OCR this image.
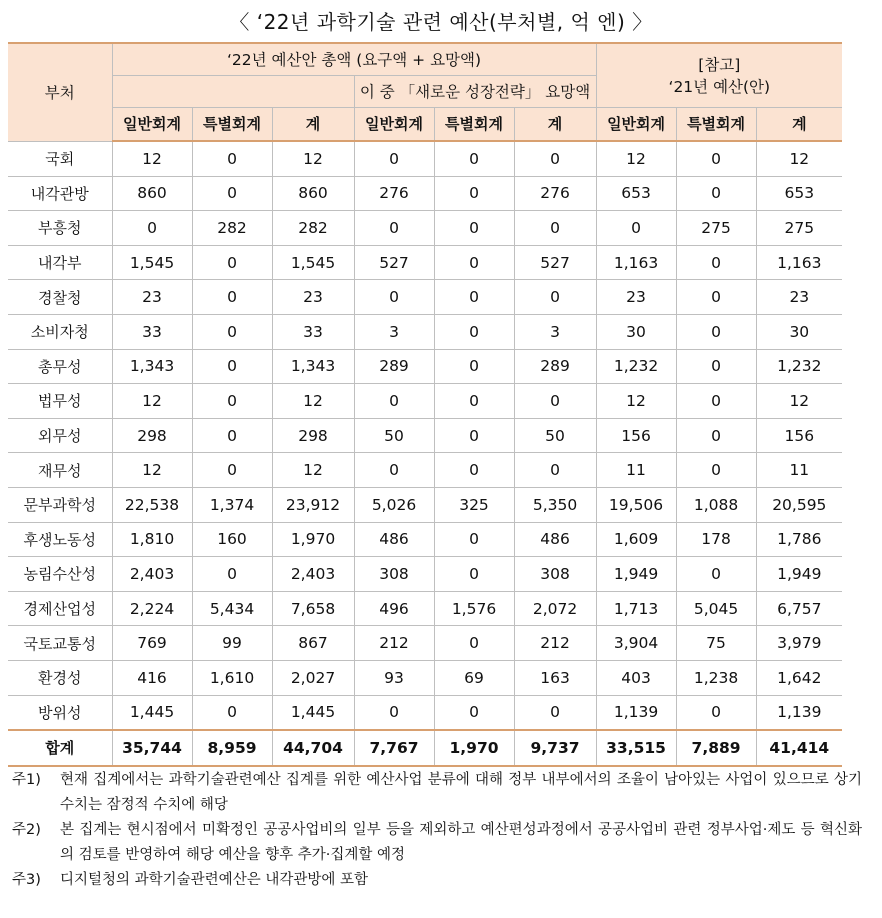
〈 ‘22년 과학기술 관련 예산(부처별, 억 엔) 〉
부처	‘22년 예산안 총액 (요구액 + 요망액)						[참고]
‘21년 예산(안)		

				이 중 「새로운 성장전략」 요망액					
	일반회계	특별회계	계	일반회계	특별회계	계	일반회계	특별회계	계
국회	12	0	12	0	0	0	12	0	12
내각관방	860	0	860	276	0	276	653	0	653
부흥청	0	282	282	0	0	0	0	275	275
내각부	1,545	0	1,545	527	0	527	1,163	0	1,163
경찰청	23	0	23	0	0	0	23	0	23
소비자청	33	0	33	3	0	3	30	0	30
총무성	1,343	0	1,343	289	0	289	1,232	0	1,232
법무성	12	0	12	0	0	0	12	0	12
외무성	298	0	298	50	0	50	156	0	156
재무성	12	0	12	0	0	0	11	0	11
문부과학성	22,538	1,374	23,912	5,026	325	5,350	19,506	1,088	20,595
후생노동성	1,810	160	1,970	486	0	486	1,609	178	1,786
농림수산성	2,403	0	2,403	308	0	308	1,949	0	1,949
경제산업성	2,224	5,434	7,658	496	1,576	2,072	1,713	5,045	6,757
국토교통성	769	99	867	212	0	212	3,904	75	3,979
환경성	416	1,610	2,027	93	69	163	403	1,238	1,642
방위성	1,445	0	1,445	0	0	0	1,139	0	1,139
합계	35,744	8,959	44,704	7,767	1,970	9,737	33,515	7,889	41,414
주1)	현재 집계에서는 과학기술관련예산 집계를 위한 예산사업 분류에 대해 정부 내부에서의 조율이 남아있는 사업이 있으므로 상기 수치는 잠정적 수치에 해당
주2)	본 집계는 현시점에서 미확정인 공공사업비의 일부 등을 제외하고 예산편성과정에서 공공사업비 관련 정부사업·제도 등 혁신화의 검토를 반영하여 해당 예산을 향후 추가·집계할 예정
주3)	디지털청의 과학기술관련예산은 내각관방에 포함
